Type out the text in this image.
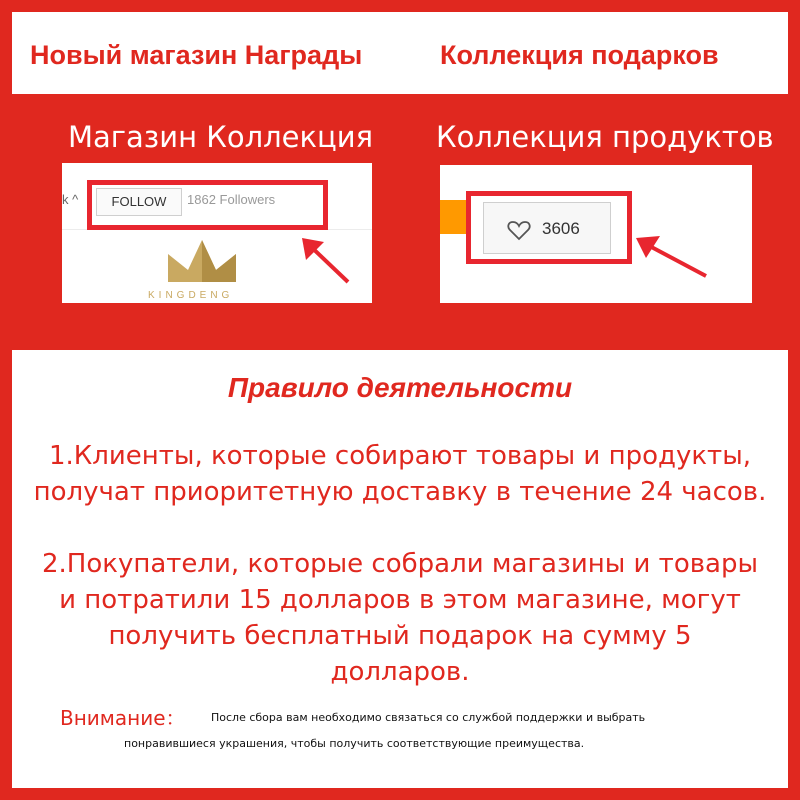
Новый магазин Награды	Коллекция подарков
Магазин Коллекция Коллекция продуктов
k ^	FOLLOW	1862 Followers
KINGDENG
3606
Правило деятельности
1.Клиенты, которые собирают товары и продукты,
получат приоритетную доставку в течение 24 часов.
2.Покупатели, которые собрали магазины и товары
и потратили 15 долларов в этом магазине, могут
получить бесплатный подарок на сумму 5
долларов.
Внимание： После сбора вам необходимо связаться со службой поддержки и выбрать
понравившиеся украшения, чтобы получить соответствующие преимущества.
